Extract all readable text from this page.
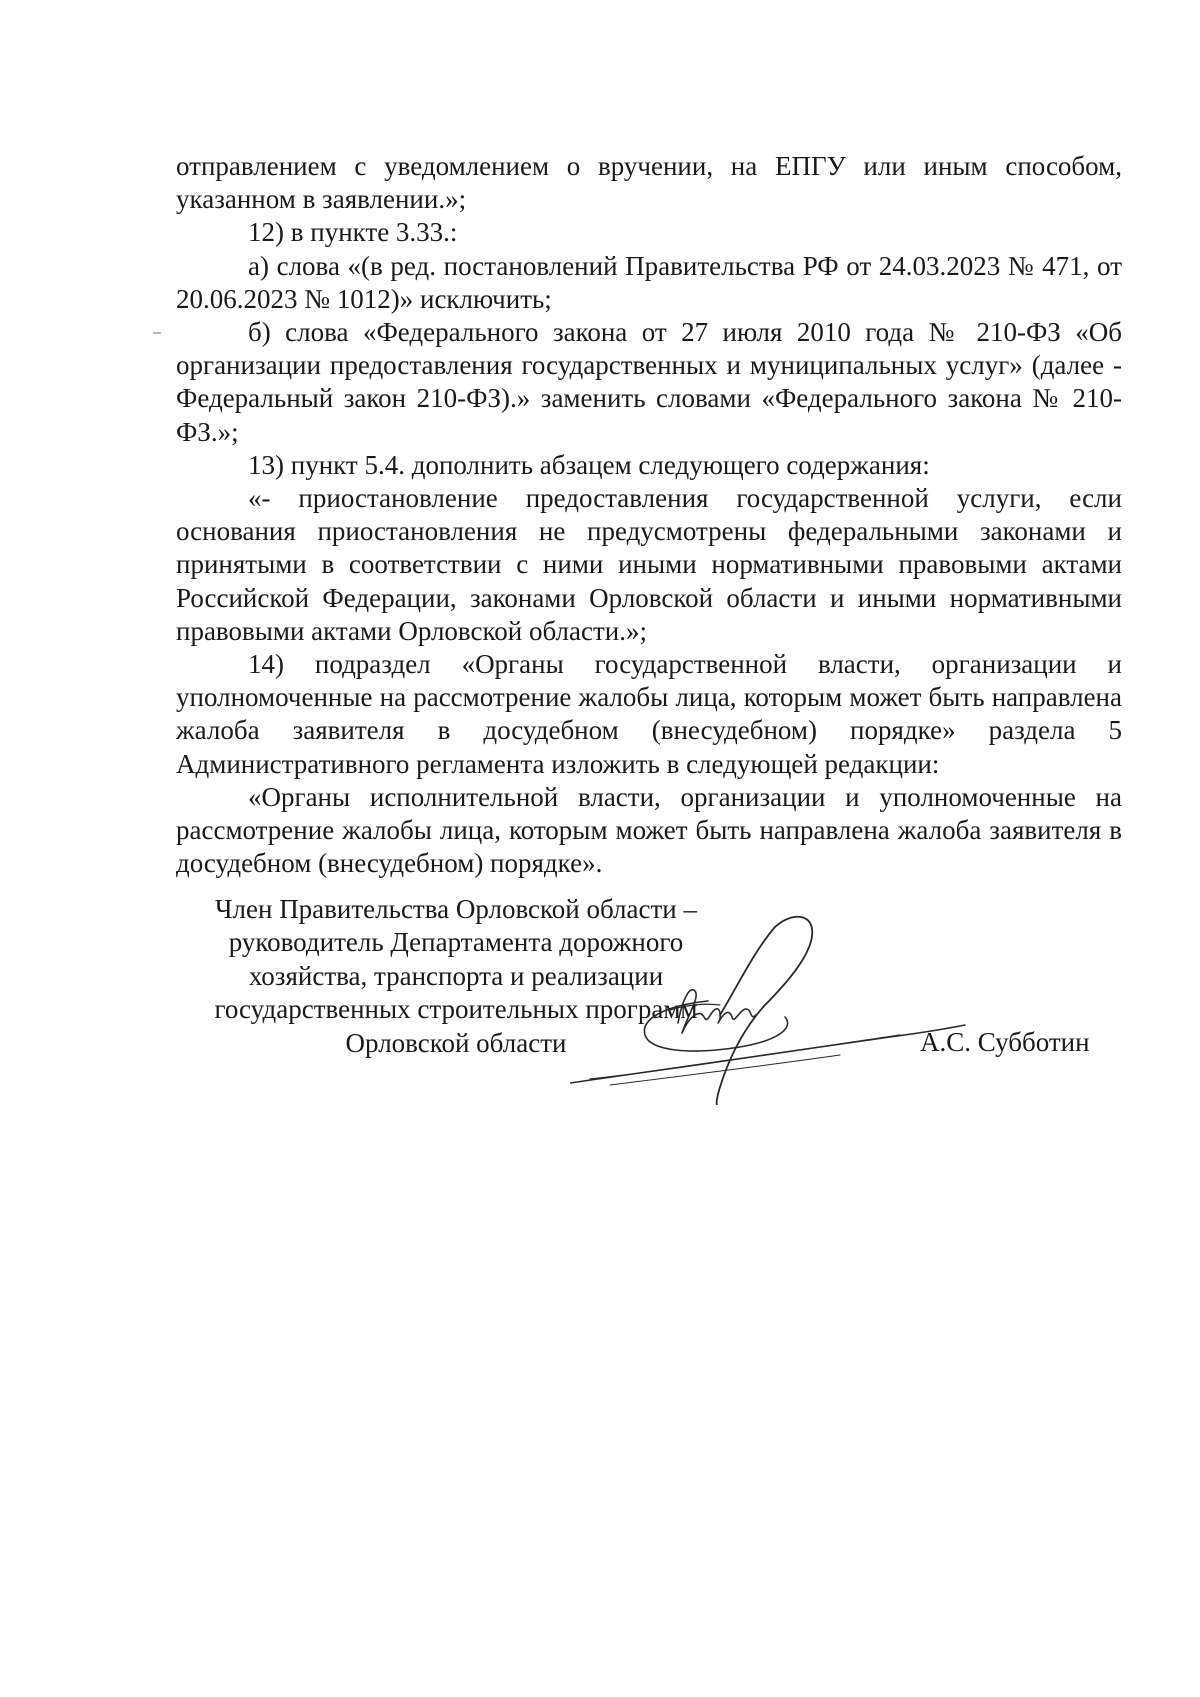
отправлением с уведомлением о вручении, на ЕПГУ или иным способом, указанном в заявлении.»;

12) в пункте 3.33.:

а) слова «(в ред. постановлений Правительства РФ от 24.03.2023 № 471, от 20.06.2023 № 1012)» исключить;

б) слова «Федерального закона от 27 июля 2010 года № 210-ФЗ «Об организации предоставления государственных и муниципальных услуг» (далее - Федеральный закон 210-ФЗ).» заменить словами «Федерального закона № 210-ФЗ.»;

13) пункт 5.4. дополнить абзацем следующего содержания:

«- приостановление предоставления государственной услуги, если основания приостановления не предусмотрены федеральными законами и принятыми в соответствии с ними иными нормативными правовыми актами Российской Федерации, законами Орловской области и иными нормативными правовыми актами Орловской области.»;

14) подраздел «Органы государственной власти, организации и уполномоченные на рассмотрение жалобы лица, которым может быть направлена жалоба заявителя в досудебном (внесудебном) порядке» раздела 5 Административного регламента изложить в следующей редакции:

«Органы исполнительной власти, организации и уполномоченные на рассмотрение жалобы лица, которым может быть направлена жалоба заявителя в досудебном (внесудебном) порядке».

Член Правительства Орловской области –
руководитель Департамента дорожного
хозяйства, транспорта и реализации
государственных строительных программ
Орловской области	А.С. Субботин
